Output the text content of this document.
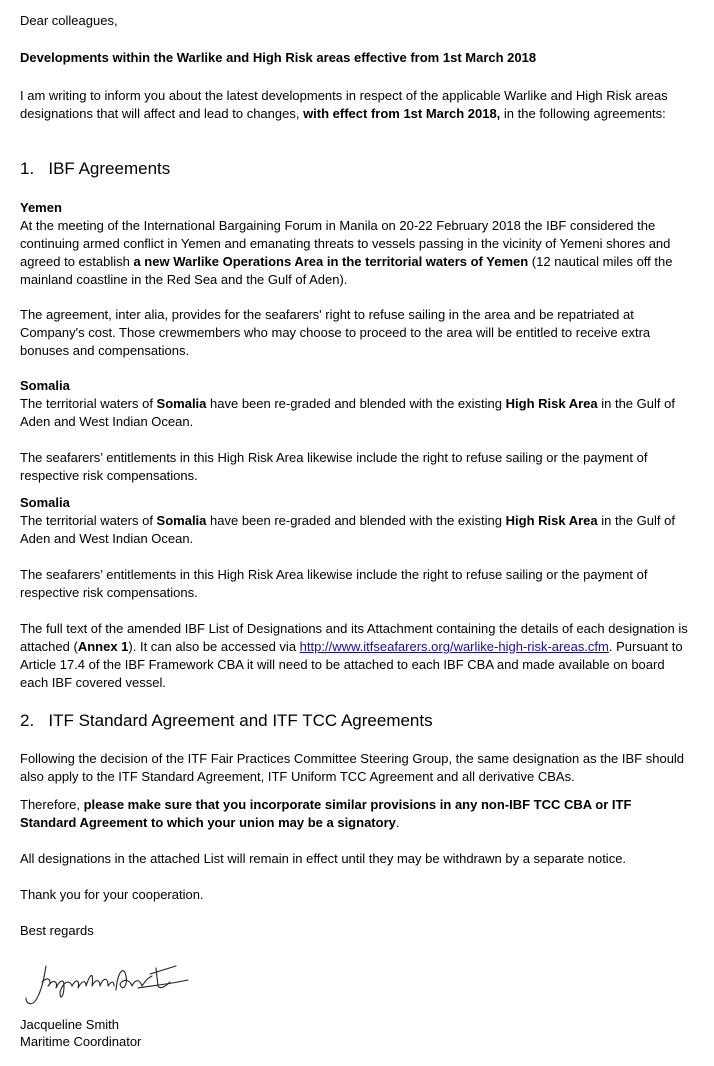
Dear colleagues,

Developments within the Warlike and High Risk areas effective from 1st March 2018

I am writing to inform you about the latest developments in respect of the applicable Warlike and High Risk areas designations that will affect and lead to changes, with effect from 1st March 2018, in the following agreements:

1. IBF Agreements

Yemen
At the meeting of the International Bargaining Forum in Manila on 20-22 February 2018 the IBF considered the continuing armed conflict in Yemen and emanating threats to vessels passing in the vicinity of Yemeni shores and agreed to establish a new Warlike Operations Area in the territorial waters of Yemen (12 nautical miles off the mainland coastline in the Red Sea and the Gulf of Aden).

The agreement, inter alia, provides for the seafarers' right to refuse sailing in the area and be repatriated at Company's cost. Those crewmembers who may choose to proceed to the area will be entitled to receive extra bonuses and compensations.

Somalia
The territorial waters of Somalia have been re-graded and blended with the existing High Risk Area in the Gulf of Aden and West Indian Ocean.

The seafarers’ entitlements in this High Risk Area likewise include the right to refuse sailing or the payment of respective risk compensations.

Somalia
The territorial waters of Somalia have been re-graded and blended with the existing High Risk Area in the Gulf of Aden and West Indian Ocean.

The seafarers’ entitlements in this High Risk Area likewise include the right to refuse sailing or the payment of respective risk compensations.

The full text of the amended IBF List of Designations and its Attachment containing the details of each designation is attached (Annex 1). It can also be accessed via http://www.itfseafarers.org/warlike-high-risk-areas.cfm. Pursuant to Article 17.4 of the IBF Framework CBA it will need to be attached to each IBF CBA and made available on board each IBF covered vessel.

2. ITF Standard Agreement and ITF TCC Agreements

Following the decision of the ITF Fair Practices Committee Steering Group, the same designation as the IBF should also apply to the ITF Standard Agreement, ITF Uniform TCC Agreement and all derivative CBAs.

Therefore, please make sure that you incorporate similar provisions in any non-IBF TCC CBA or ITF Standard Agreement to which your union may be a signatory.

All designations in the attached List will remain in effect until they may be withdrawn by a separate notice.

Thank you for your cooperation.

Best regards

Jacqueline Smith

Maritime Coordinator
